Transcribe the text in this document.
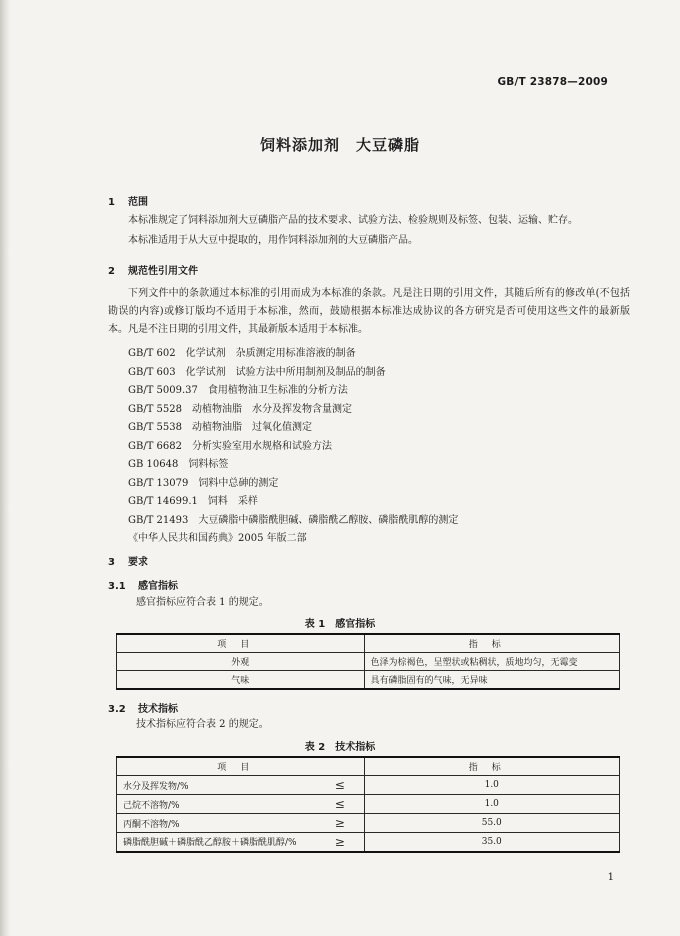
GB/T 23878—2009
饲料添加剂　大豆磷脂
1 范围
本标准规定了饲料添加剂大豆磷脂产品的技术要求、试验方法、检验规则及标签、包装、运输、贮存。
本标准适用于从大豆中提取的，用作饲料添加剂的大豆磷脂产品。
2 规范性引用文件
下列文件中的条款通过本标准的引用而成为本标准的条款。凡是注日期的引用文件，其随后所有的修改单(不包括勘误的内容)或修订版均不适用于本标准，然而，鼓励根据本标准达成协议的各方研究是否可使用这些文件的最新版本。凡是不注日期的引用文件，其最新版本适用于本标准。
GB/T 602　化学试剂　杂质测定用标准溶液的制备
GB/T 603　化学试剂　试验方法中所用制剂及制品的制备
GB/T 5009.37　食用植物油卫生标准的分析方法
GB/T 5528　动植物油脂　水分及挥发物含量测定
GB/T 5538　动植物油脂　过氧化值测定
GB/T 6682　分析实验室用水规格和试验方法
GB 10648　饲料标签
GB/T 13079　饲料中总砷的测定
GB/T 14699.1　饲料　采样
GB/T 21493　大豆磷脂中磷脂酰胆碱、磷脂酰乙醇胺、磷脂酰肌醇的测定
《中华人民共和国药典》2005 年版二部
3 要求
3.1 感官指标
感官指标应符合表 1 的规定。
表 1　感官指标
项目	指标
外观	色泽为棕褐色，呈塑状或粘稠状，质地均匀，无霉变
气味	具有磷脂固有的气味，无异味
3.2 技术指标
技术指标应符合表 2 的规定。
表 2　技术指标
项目		指标
水分及挥发物/%	≤	1.0
己烷不溶物/%	≤	1.0
丙酮不溶物/%	≥	55.0
磷脂酰胆碱＋磷脂酰乙醇胺＋磷脂酰肌醇/%	≥	35.0
1
